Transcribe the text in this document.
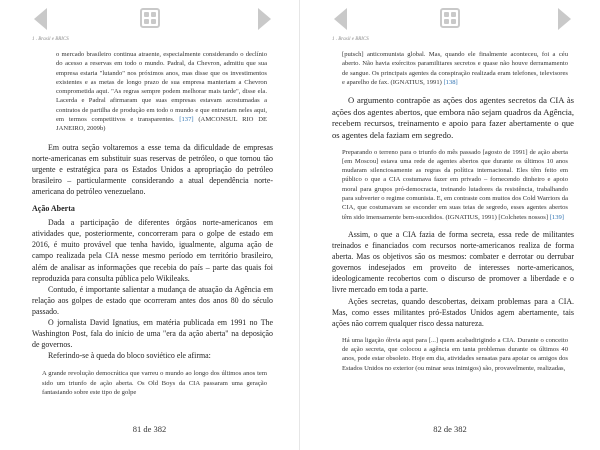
1 . Brasil e BRICS

o mercado brasileiro continua atraente, especialmente considerando o declínio do acesso a reservas em todo o mundo. Padral, da Chevron, admitiu que sua empresa estaria "lutando" nos próximos anos, mas disse que os investimentos existentes e as metas de longo prazo de sua empresa manteriam a Chevron comprometida aqui. "As regras sempre podem melhorar mais tarde", disse ela. Lacerda e Padral afirmaram que suas empresas estavam acostumadas a contratos de partilha de produção em todo o mundo e que entrariam neles aqui, em termos competitivos e transparentes. [137] (AMCONSUL RIO DE JANEIRO, 2009b)

Em outra seção voltaremos a esse tema da dificuldade de empresas norte-americanas em substituir suas reservas de petróleo, o que tornou tão urgente e estratégica para os Estados Unidos a apropriação do petróleo brasileiro – particularmente considerando a atual dependência norte-americana do petróleo venezuelano.

Ação Aberta

Dada a participação de diferentes órgãos norte-americanos em atividades que, posteriormente, concorreram para o golpe de estado em 2016, é muito provável que tenha havido, igualmente, alguma ação de campo realizada pela CIA nesse mesmo período em território brasileiro, além de analisar as informações que recebia do país – parte das quais foi reproduzida para consulta pública pelo Wikileaks.

Contudo, é importante salientar a mudança de atuação da Agência em relação aos golpes de estado que ocorreram antes dos anos 80 do século passado.

O jornalista David Ignatius, em matéria publicada em 1991 no The Washington Post, fala do início de uma "era da ação aberta" na deposição de governos.

Referindo-se à queda do bloco soviético ele afirma:

A grande revolução democrática que varreu o mundo ao longo dos últimos anos tem sido um triunfo de ação aberta. Os Old Boys da CIA passaram uma geração fantasiando sobre este tipo de golpe

81 de 382
1 . Brasil e BRICS

[putsch] anticomunista global. Mas, quando ele finalmente aconteceu, foi a céu aberto. Não havia exércitos paramilitares secretos e quase não houve derramamento de sangue. Os principais agentes da conspiração realizada eram telefones, televisores e aparelho de fax. (IGNATIUS, 1991) [138]

O argumento contrapõe as ações dos agentes secretos da CIA às ações dos agentes abertos, que embora não sejam quadros da Agência, recebem recursos, treinamento e apoio para fazer abertamente o que os agentes dela faziam em segredo.

Preparando o terreno para o triunfo do mês passado [agosto de 1991] de ação aberta [em Moscou] estava uma rede de agentes abertos que durante os últimos 10 anos mudaram silenciosamente as regras da política internacional. Eles têm feito em público o que a CIA costumava fazer em privado – fornecendo dinheiro e apoio moral para grupos pró-democracia, treinando lutadores da resistência, trabalhando para subverter o regime comunista. E, em contraste com muitos dos Cold Warriors da CIA, que costumavam se esconder em suas teias de segredo, esses agentes abertos têm sido imensamente bem-sucedidos. (IGNATIUS, 1991) [Colchetes nossos] [139]

Assim, o que a CIA fazia de forma secreta, essa rede de militantes treinados e financiados com recursos norte-americanos realiza de forma aberta. Mas os objetivos são os mesmos: combater e derrotar ou derrubar governos indesejados em proveito de interesses norte-americanos, ideologicamente recobertos com o discurso de promover a liberdade e o livre mercado em toda a parte.

Ações secretas, quando descobertas, deixam problemas para a CIA. Mas, como esses militantes pró-Estados Unidos agem abertamente, tais ações não correm qualquer risco dessa natureza.

Há uma ligação óbvia aqui para [...] quem acabadirigindo a CIA. Durante o conceito de ação secreta, que colocou a agência em tanta problemas durante os últimos 40 anos, pode estar obsoleto. Hoje em dia, atividades sensatas para apoiar os amigos dos Estados Unidos no exterior (ou minar seus inimigos) são, provavelmente, realizadas,

82 de 382
